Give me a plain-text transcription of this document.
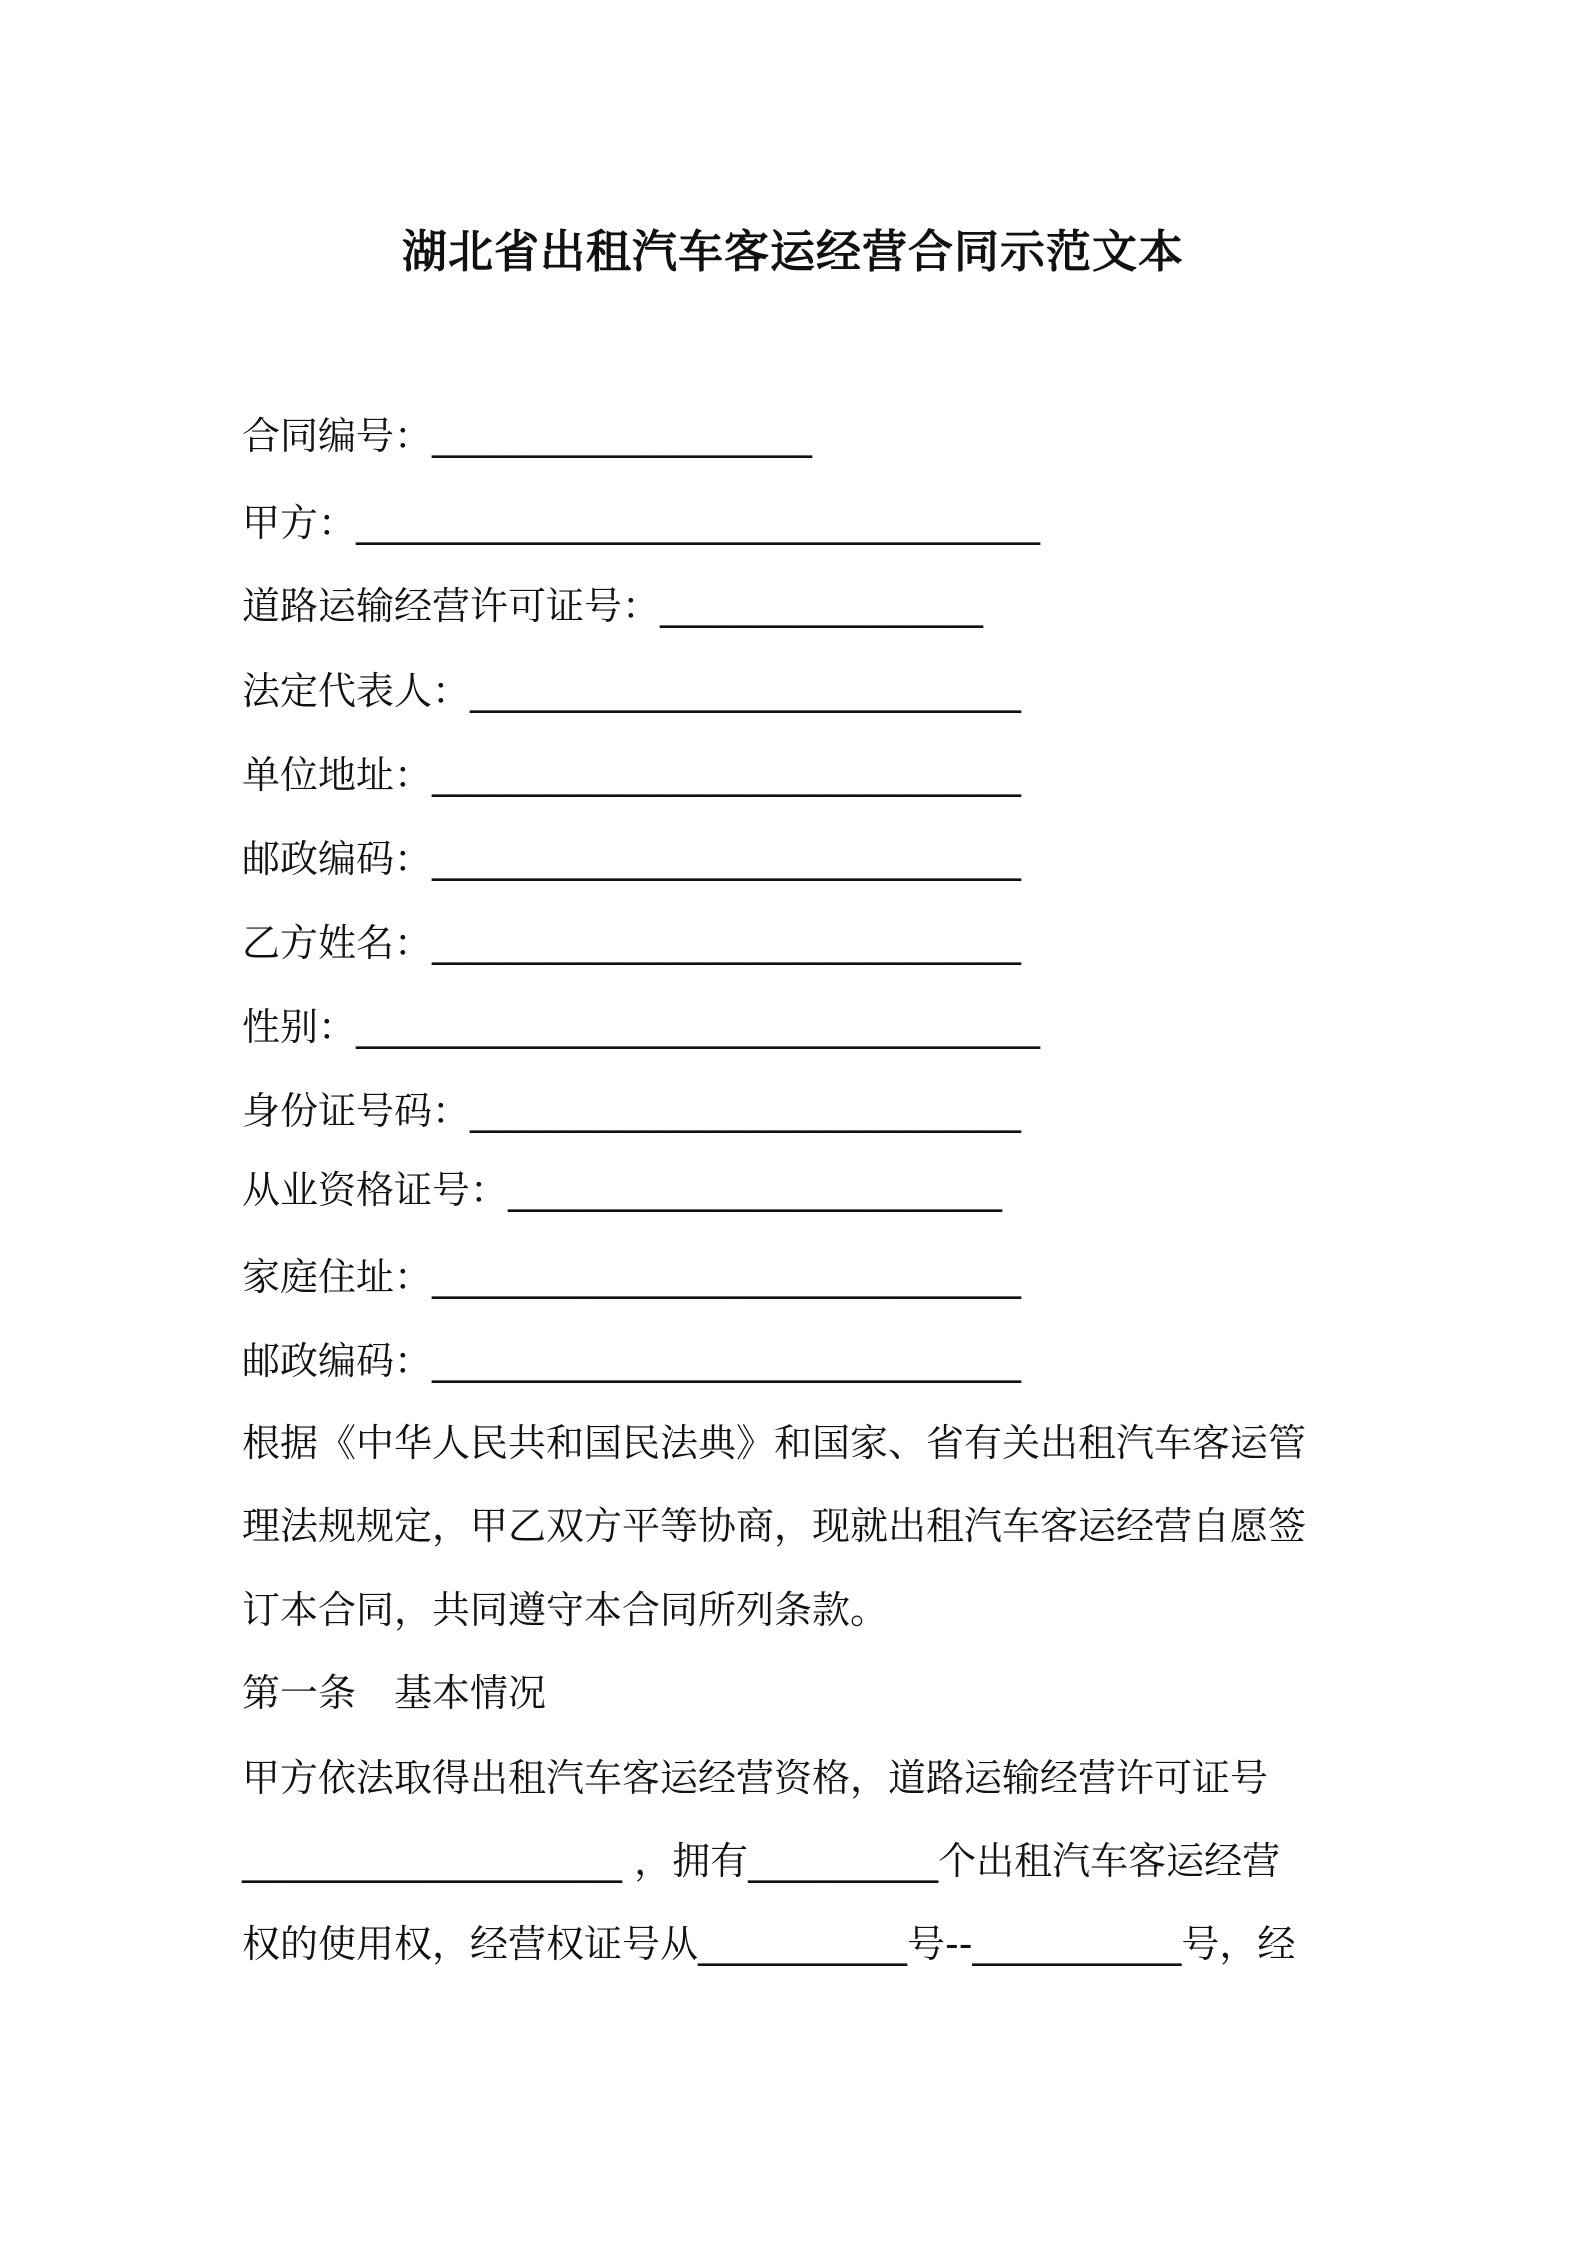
湖北省出租汽车客运经营合同示范文本
合同编号：____________________
甲方：____________________________________
道路运输经营许可证号：_________________
法定代表人：_____________________________
单位地址：_______________________________
邮政编码：_______________________________
乙方姓名：_______________________________
性别：____________________________________
身份证号码：_____________________________
从业资格证号：__________________________
家庭住址：_______________________________
邮政编码：_______________________________
根据《中华人民共和国民法典》和国家、省有关出租汽车客运管
理法规规定，甲乙双方平等协商，现就出租汽车客运经营自愿签
订本合同，共同遵守本合同所列条款。
第一条　基本情况
甲方依法取得出租汽车客运经营资格，道路运输经营许可证号
____________________ ，拥有__________个出租汽车客运经营
权的使用权，经营权证号从___________号--___________号，经
